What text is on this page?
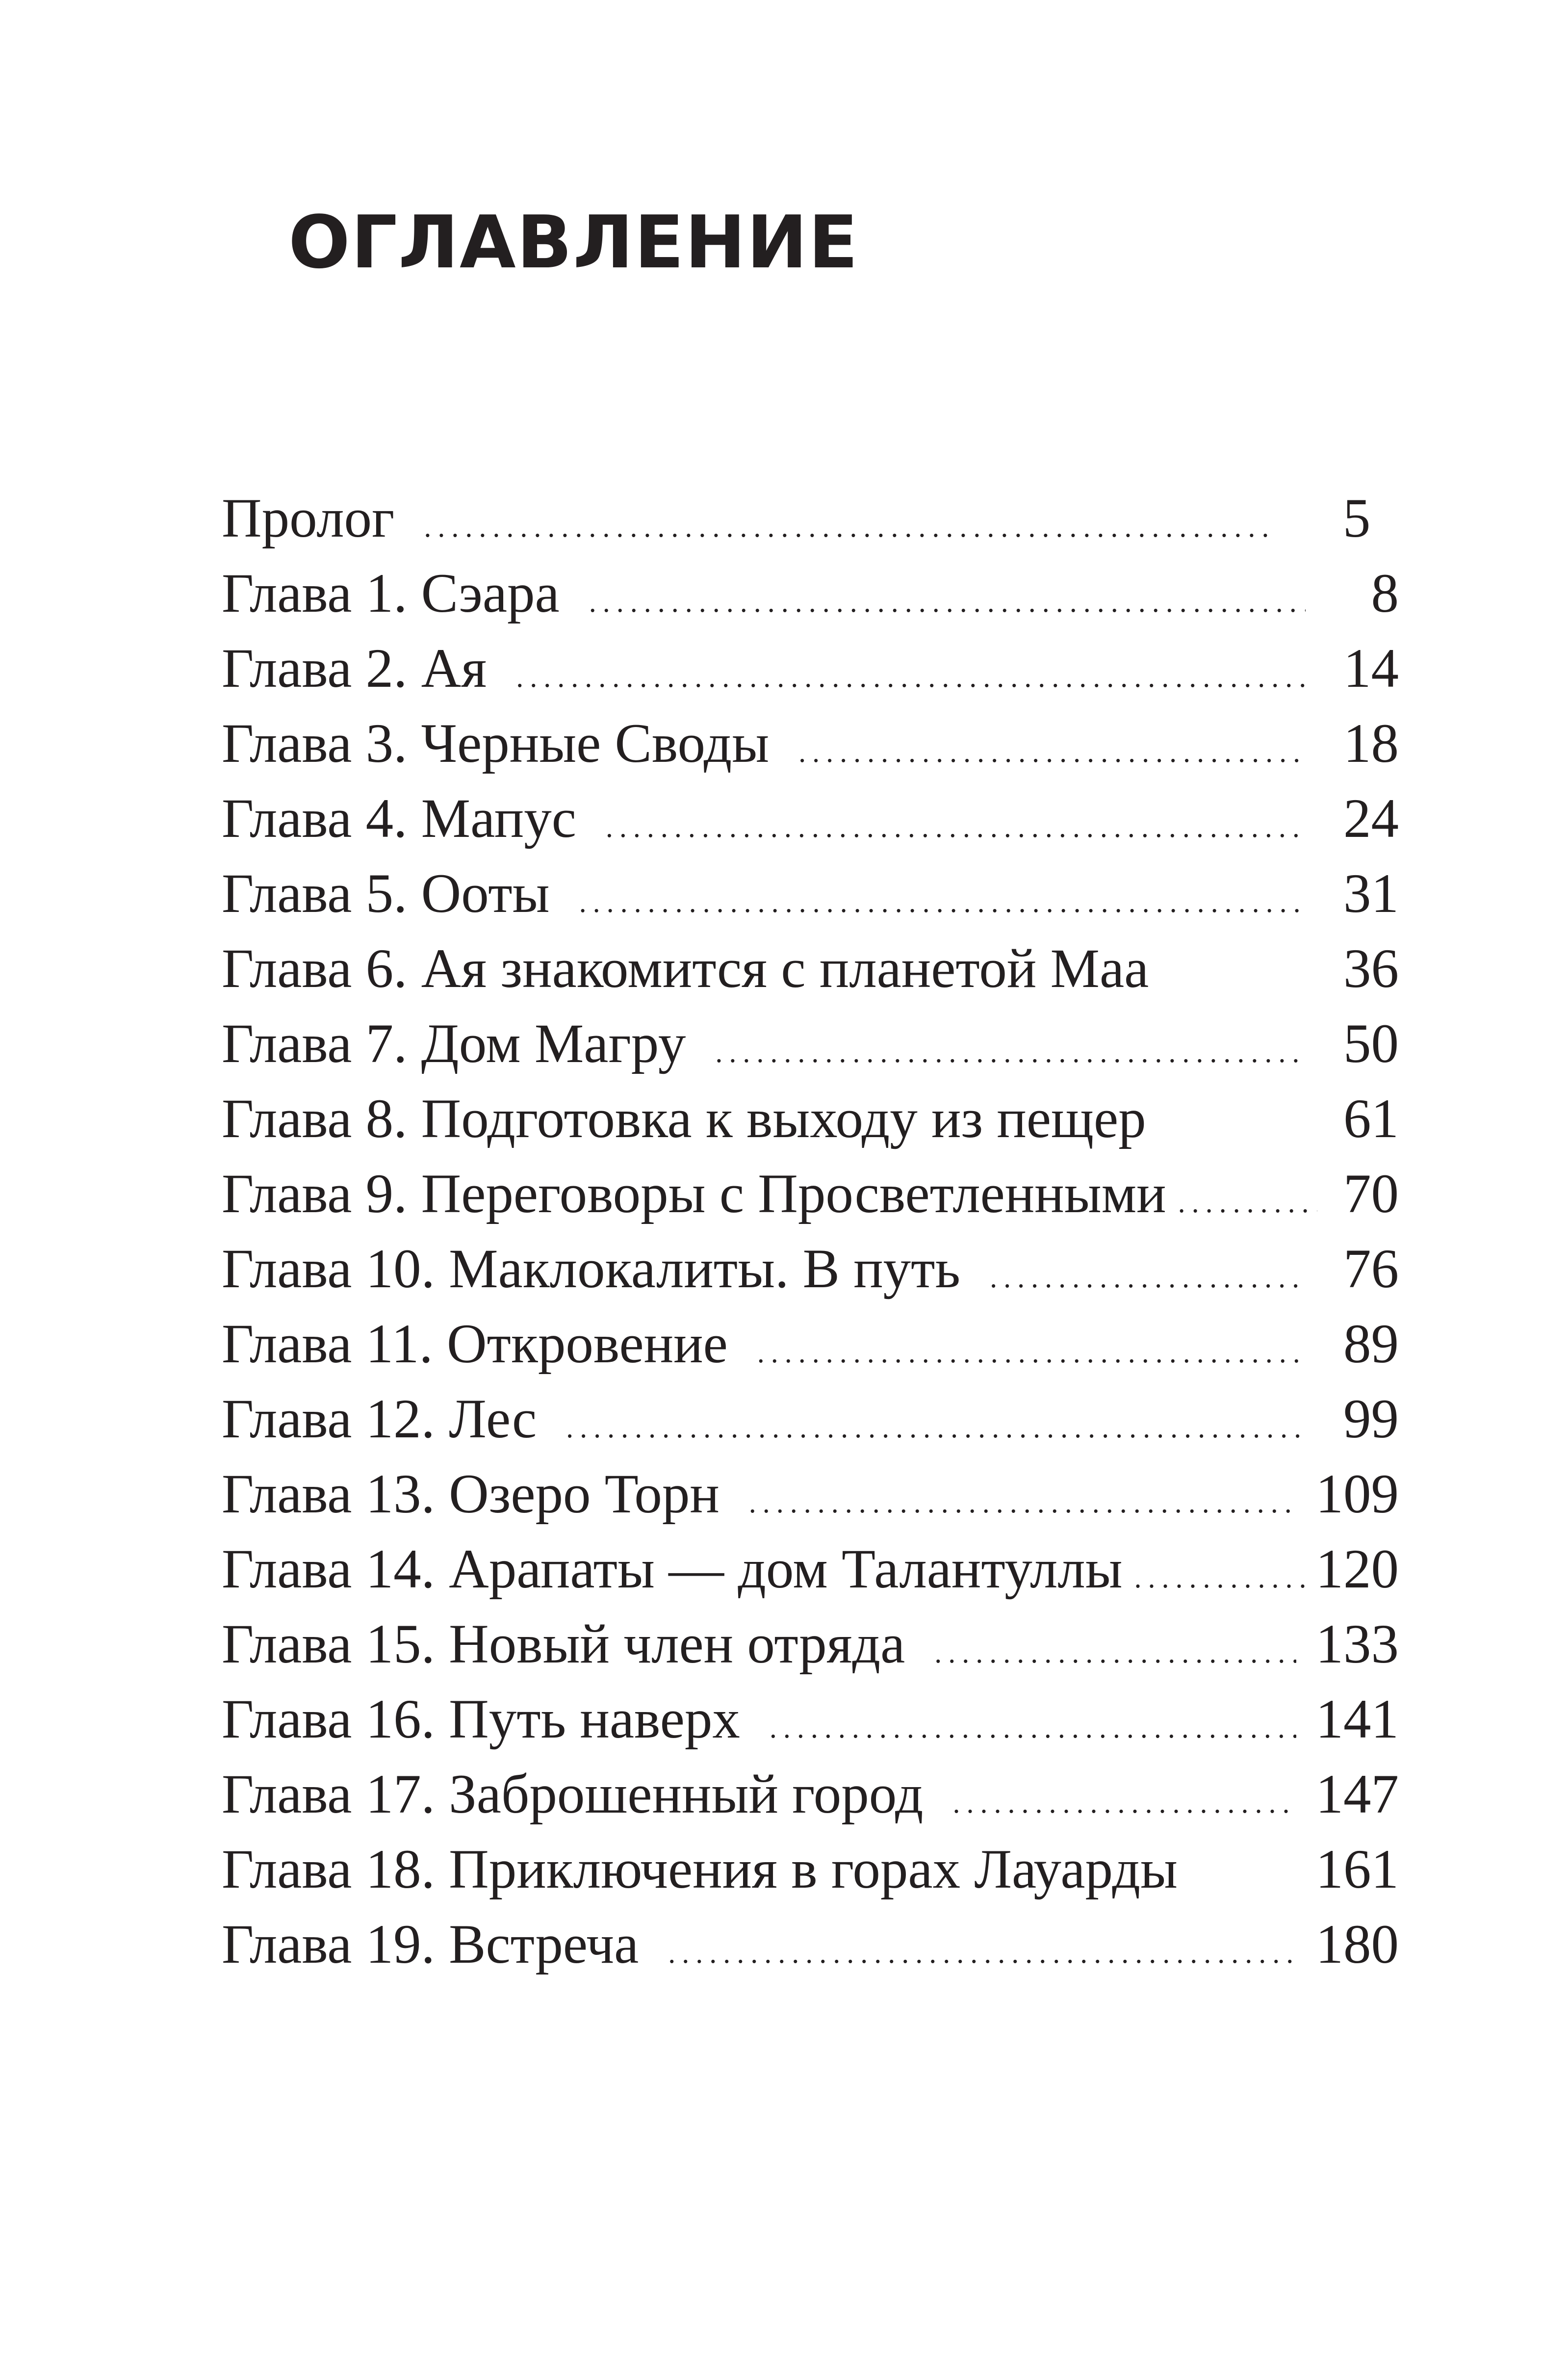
ОГЛАВЛЕНИЕ
Пролог .....	5
Глава 1. Сэара .....	8
Глава 2. Ая .....	14
Глава 3. Черные Своды .....	18
Глава 4. Мапус .....	24
Глава 5. Ооты .....	31
Глава 6. Ая знакомится с планетой Маа	36
Глава 7. Дом Магру .....	50
Глава 8. Подготовка к выходу из пещер	61
Глава 9. Переговоры с Просветленными .....	70
Глава 10. Маклокалиты. В путь .....	76
Глава 11. Откровение .....	89
Глава 12. Лес .....	99
Глава 13. Озеро Торн .....	109
Глава 14. Арапаты — дом Талантуллы .....	120
Глава 15. Новый член отряда .....	133
Глава 16. Путь наверх .....	141
Глава 17. Заброшенный город .....	147
Глава 18. Приключения в горах Лауарды 161
Глава 19. Встреча .....	180
